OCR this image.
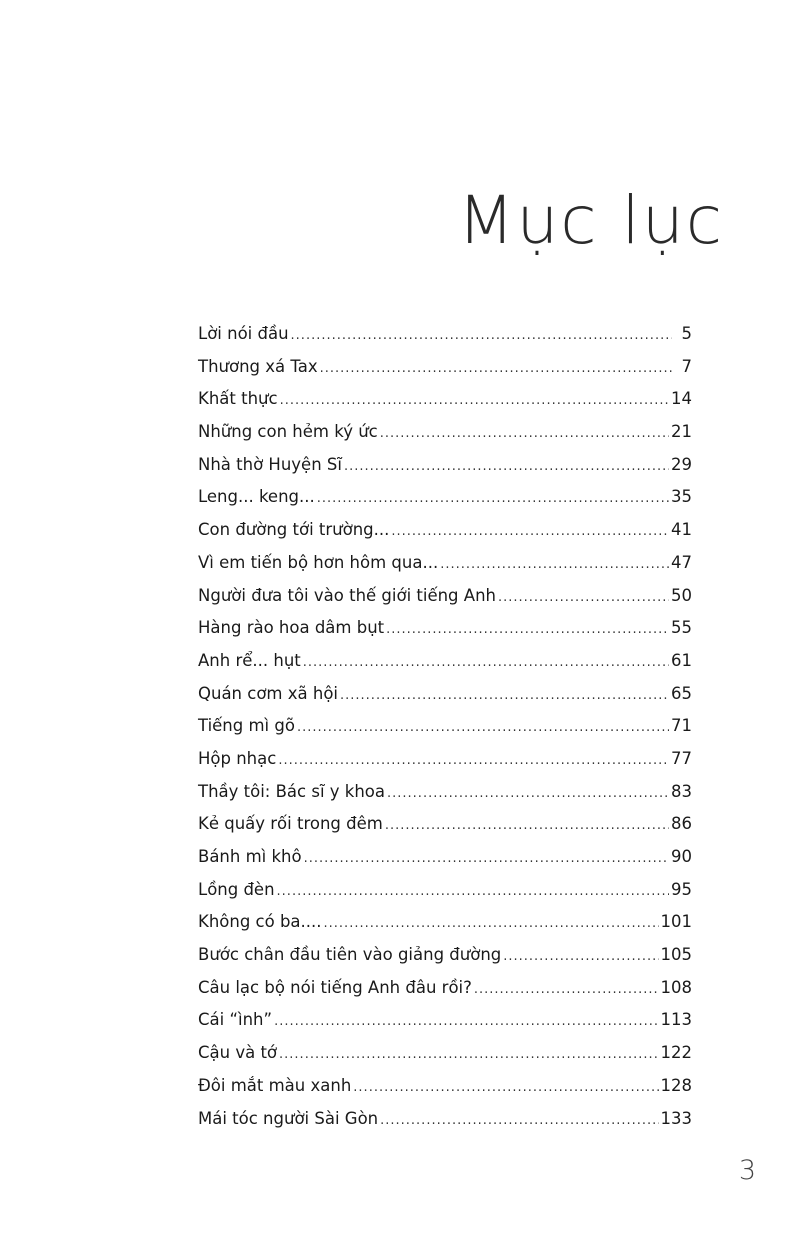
Mục lục
Lời nói đầu .....	5
Thương xá Tax .....	7
Khất thực .....	14
Những con hẻm ký ức .....	21
Nhà thờ Huyện Sĩ .....	29
Leng... keng... .....	35
Con đường tới trường... .....	41
Vì em tiến bộ hơn hôm qua... .....	47
Người đưa tôi vào thế giới tiếng Anh .....	50
Hàng rào hoa dâm bụt .....	55
Anh rể... hụt .....	61
Quán cơm xã hội .....	65
Tiếng mì gõ .....	71
Hộp nhạc .....	77
Thầy tôi: Bác sĩ y khoa .....	83
Kẻ quấy rối trong đêm .....	86
Bánh mì khô .....	90
Lồng đèn .....	95
Không có ba.... .....	101
Bước chân đầu tiên vào giảng đường .....	105
Câu lạc bộ nói tiếng Anh đâu rồi? .....	108
Cái “ình” .....	113
Cậu và tớ .....	122
Đôi mắt màu xanh .....	128
Mái tóc người Sài Gòn .....	133
3
